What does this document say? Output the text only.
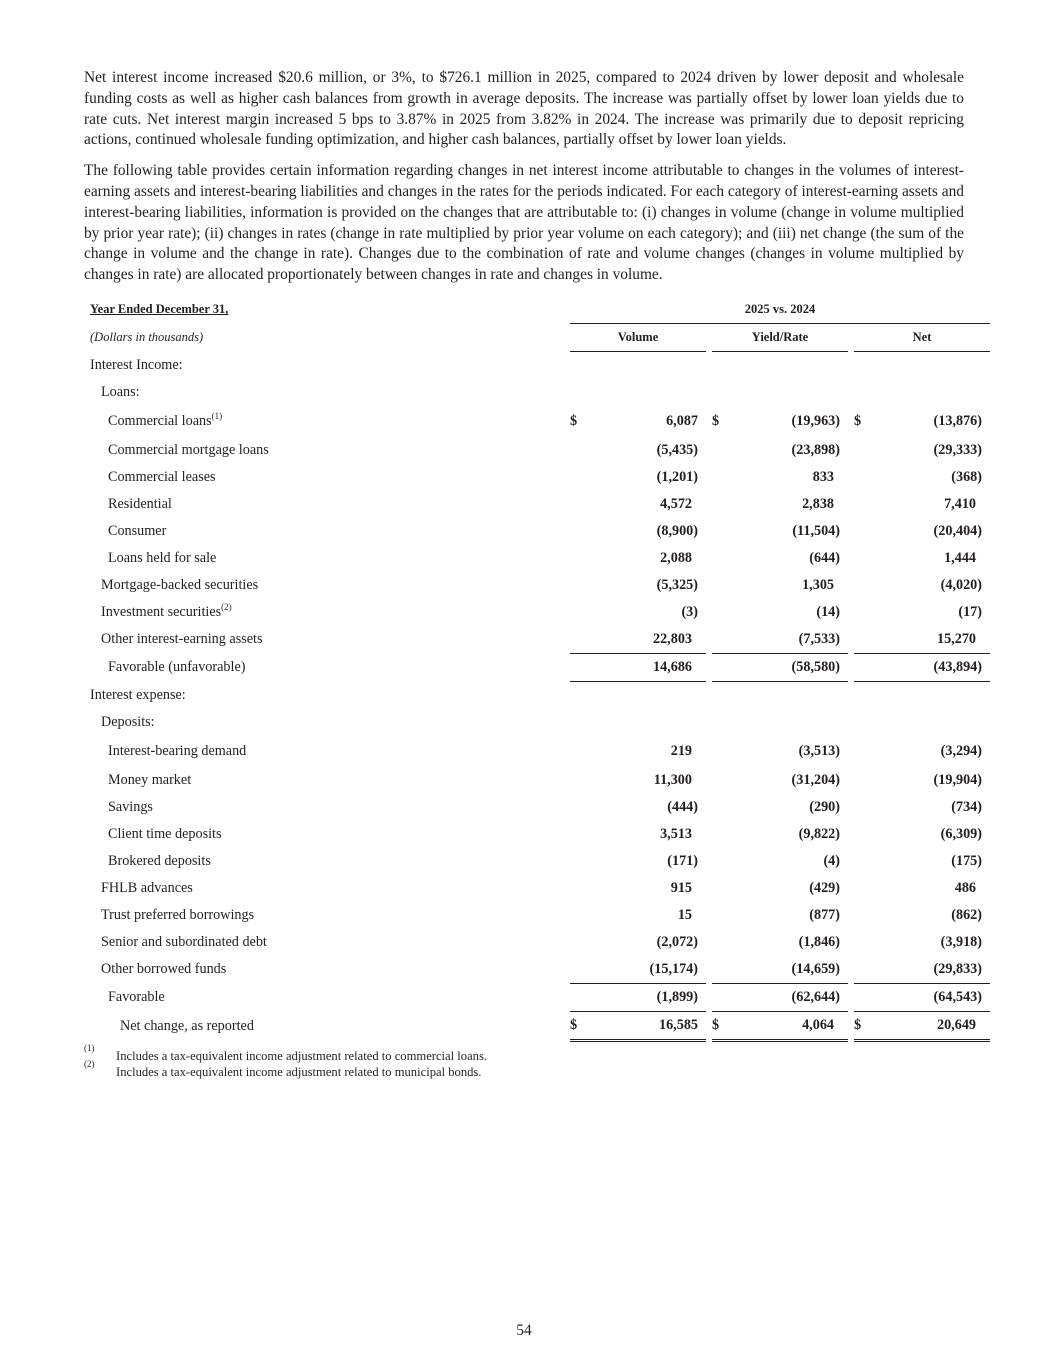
Net interest income increased $20.6 million, or 3%, to $726.1 million in 2025, compared to 2024 driven by lower deposit and wholesale funding costs as well as higher cash balances from growth in average deposits. The increase was partially offset by lower loan yields due to rate cuts. Net interest margin increased 5 bps to 3.87% in 2025 from 3.82% in 2024. The increase was primarily due to deposit repricing actions, continued wholesale funding optimization, and higher cash balances, partially offset by lower loan yields.

The following table provides certain information regarding changes in net interest income attributable to changes in the volumes of interest-earning assets and interest-bearing liabilities and changes in the rates for the periods indicated. For each category of interest-earning assets and interest-bearing liabilities, information is provided on the changes that are attributable to: (i) changes in volume (change in volume multiplied by prior year rate); (ii) changes in rates (change in rate multiplied by prior year volume on each category); and (iii) net change (the sum of the change in volume and the change in rate). Changes due to the combination of rate and volume changes (changes in volume multiplied by changes in rate) are allocated proportionately between changes in rate and changes in volume.

Year Ended December 31,		2025 vs. 2024										
(Dollars in thousands)		Volume				Yield/Rate				Net		
Interest Income:												
Loans:												
Commercial loans$^{(1)}$		$	6,087			$	(19,963)			$	(13,876)	
Commercial mortgage loans			(5,435)				(23,898)				(29,333)	
Commercial leases			(1,201)				833				(368)	
Residential			4,572				2,838				7,410	
Consumer			(8,900)				(11,504)				(20,404)	
Loans held for sale			2,088				(644)				1,444	
Mortgage-backed securities			(5,325)				1,305				(4,020)	
Investment securities$^{(2)}$			(3)				(14)				(17)	
Other interest-earning assets			22,803				(7,533)				15,270	
Favorable (unfavorable)			14,686				(58,580)				(43,894)	
Interest expense:												
Deposits:												
Interest-bearing demand			219				(3,513)				(3,294)	
Money market			11,300				(31,204)				(19,904)	
Savings			(444)				(290)				(734)	
Client time deposits			3,513				(9,822)				(6,309)	
Brokered deposits			(171)				(4)				(175)	
FHLB advances			915				(429)				486	
Trust preferred borrowings			15				(877)				(862)	
Senior and subordinated debt			(2,072)				(1,846)				(3,918)	
Other borrowed funds			(15,174)				(14,659)				(29,833)	
Favorable			(1,899)				(62,644)				(64,543)	
Net change, as reported		$	16,585			$	4,064			$	20,649	
(1)
Includes a tax-equivalent income adjustment related to commercial loans.
(2)
Includes a tax-equivalent income adjustment related to municipal bonds.
54
